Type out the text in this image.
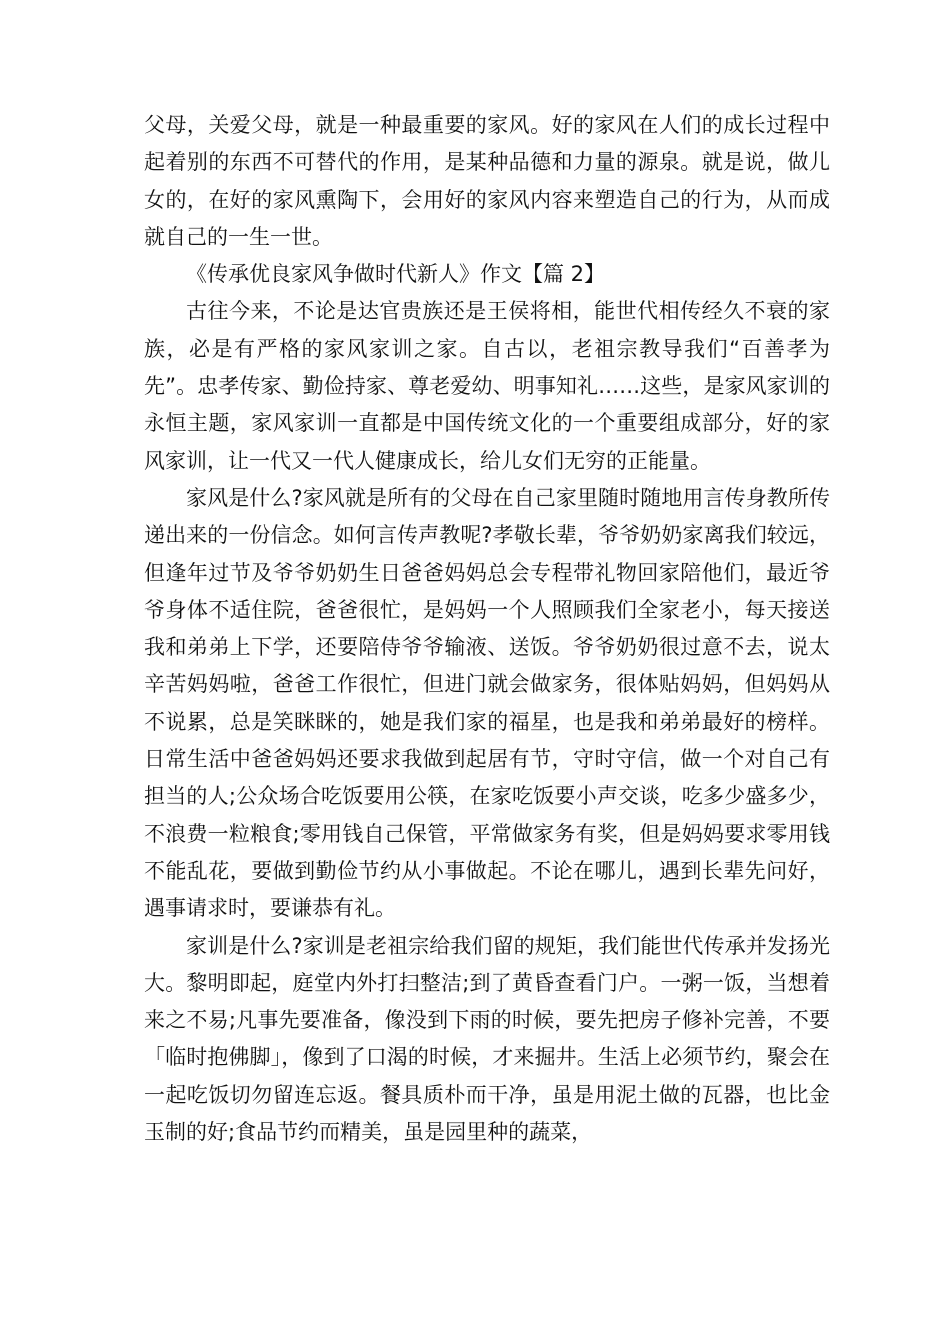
父母，关爱父母，就是一种最重要的家风。好的家风在人们的成长过程中起着别的东西不可替代的作用，是某种品德和力量的源泉。就是说，做儿女的，在好的家风熏陶下，会用好的家风内容来塑造自己的行为，从而成就自己的一生一世。

《传承优良家风争做时代新人》作文【篇 2】

古往今来，不论是达官贵族还是王侯将相，能世代相传经久不衰的家族，必是有严格的家风家训之家。自古以，老祖宗教导我们“百善孝为先”。忠孝传家、勤俭持家、尊老爱幼、明事知礼……这些，是家风家训的永恒主题，家风家训一直都是中国传统文化的一个重要组成部分，好的家风家训，让一代又一代人健康成长，给儿女们无穷的正能量。

家风是什么?家风就是所有的父母在自己家里随时随地用言传身教所传递出来的一份信念。如何言传声教呢?孝敬长辈，爷爷奶奶家离我们较远，但逢年过节及爷爷奶奶生日爸爸妈妈总会专程带礼物回家陪他们，最近爷爷身体不适住院，爸爸很忙，是妈妈一个人照顾我们全家老小，每天接送我和弟弟上下学，还要陪侍爷爷输液、送饭。爷爷奶奶很过意不去，说太辛苦妈妈啦，爸爸工作很忙，但进门就会做家务，很体贴妈妈，但妈妈从不说累，总是笑眯眯的，她是我们家的福星，也是我和弟弟最好的榜样。日常生活中爸爸妈妈还要求我做到起居有节，守时守信，做一个对自己有担当的人;公众场合吃饭要用公筷，在家吃饭要小声交谈，吃多少盛多少，不浪费一粒粮食;零用钱自己保管，平常做家务有奖，但是妈妈要求零用钱不能乱花，要做到勤俭节约从小事做起。不论在哪儿，遇到长辈先问好，遇事请求时，要谦恭有礼。

家训是什么?家训是老祖宗给我们留的规矩，我们能世代传承并发扬光大。黎明即起，庭堂内外打扫整洁;到了黄昏查看门户。一粥一饭，当想着来之不易;凡事先要准备，像没到下雨的时候，要先把房子修补完善，不要「临时抱佛脚」，像到了口渴的时候，才来掘井。生活上必须节约，聚会在一起吃饭切勿留连忘返。餐具质朴而干净，虽是用泥土做的瓦器，也比金玉制的好;食品节约而精美，虽是园里种的蔬菜，
